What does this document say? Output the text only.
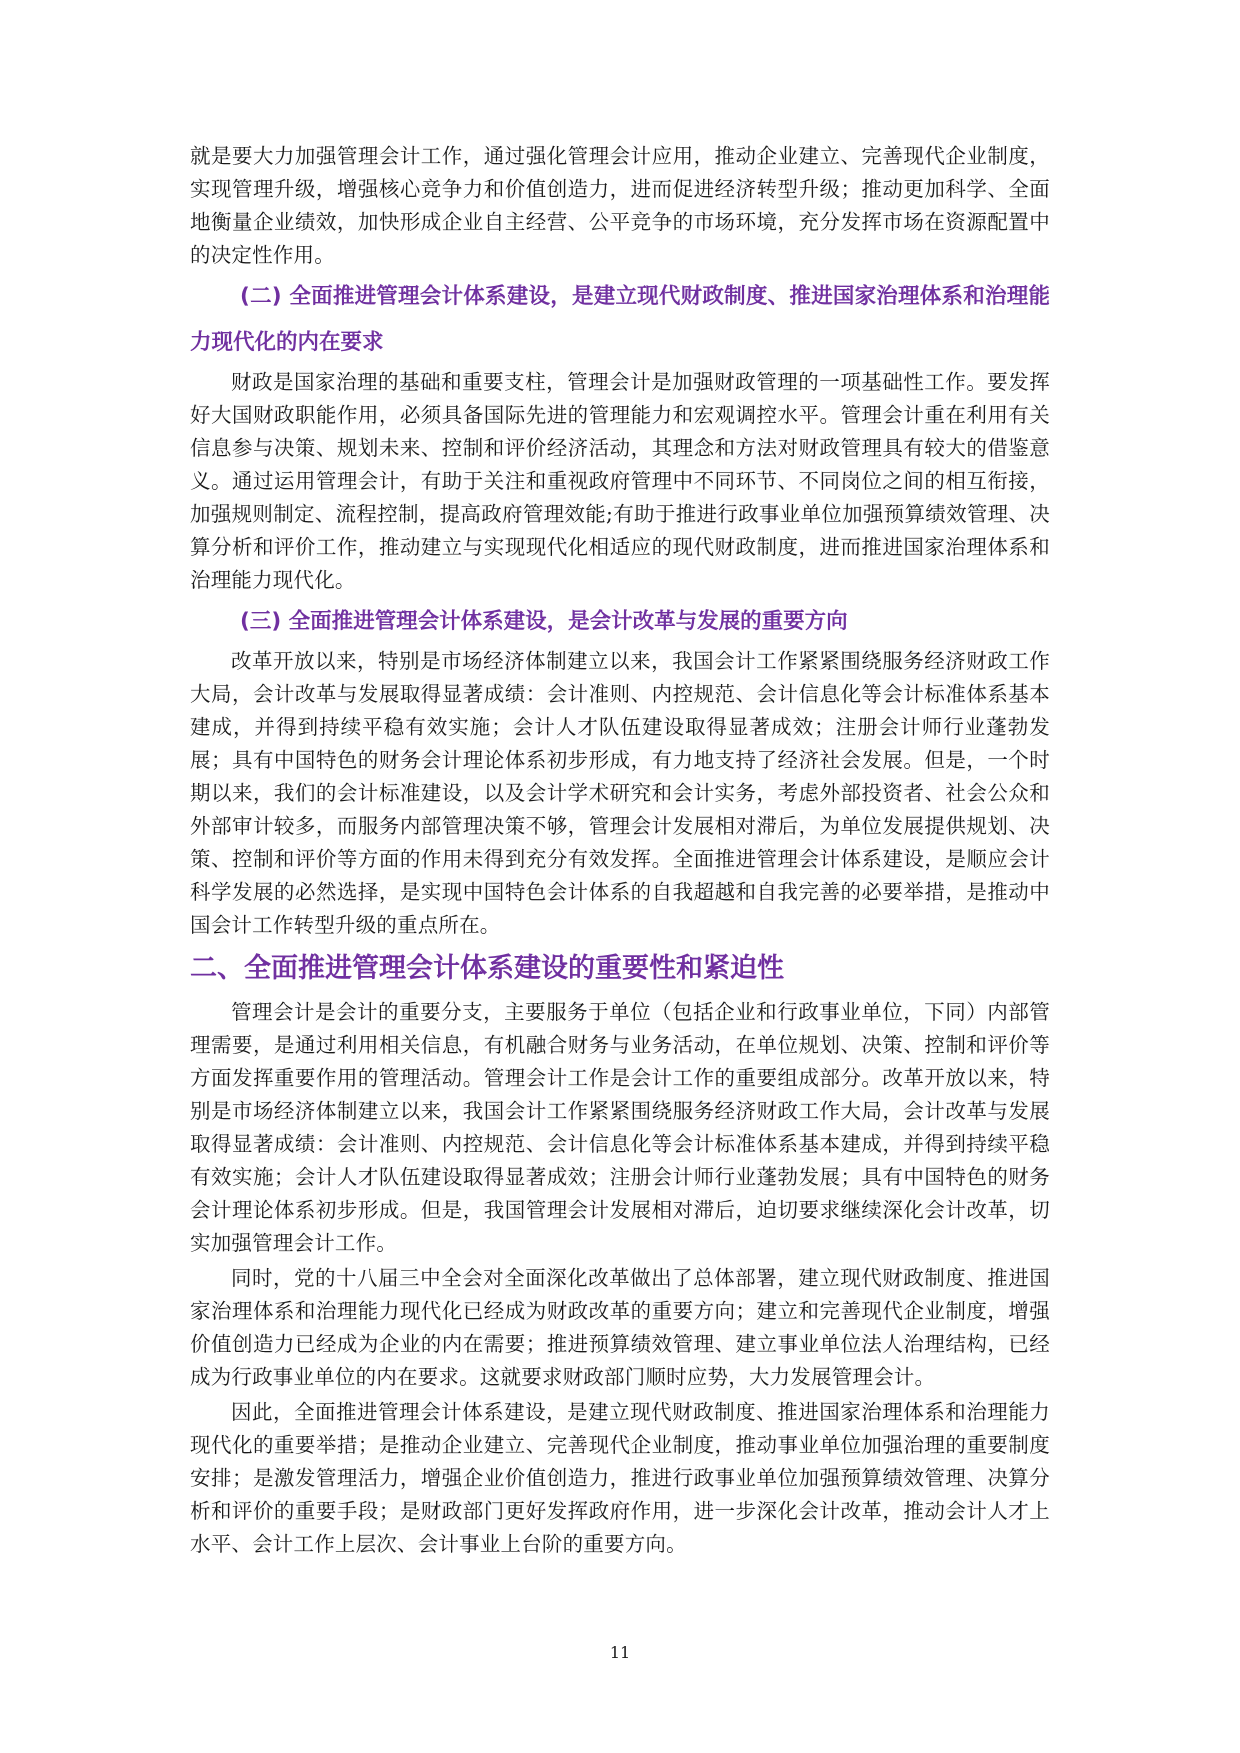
就是要大力加强管理会计工作，通过强化管理会计应用，推动企业建立、完善现代企业制度，实现管理升级，增强核心竞争力和价值创造力，进而促进经济转型升级；推动更加科学、全面地衡量企业绩效，加快形成企业自主经营、公平竞争的市场环境，充分发挥市场在资源配置中的决定性作用。

(二) 全面推进管理会计体系建设，是建立现代财政制度、推进国家治理体系和治理能力现代化的内在要求

财政是国家治理的基础和重要支柱，管理会计是加强财政管理的一项基础性工作。要发挥好大国财政职能作用，必须具备国际先进的管理能力和宏观调控水平。管理会计重在利用有关信息参与决策、规划未来、控制和评价经济活动，其理念和方法对财政管理具有较大的借鉴意义。通过运用管理会计，有助于关注和重视政府管理中不同环节、不同岗位之间的相互衔接，加强规则制定、流程控制，提高政府管理效能;有助于推进行政事业单位加强预算绩效管理、决算分析和评价工作，推动建立与实现现代化相适应的现代财政制度，进而推进国家治理体系和治理能力现代化。

(三) 全面推进管理会计体系建设，是会计改革与发展的重要方向

改革开放以来，特别是市场经济体制建立以来，我国会计工作紧紧围绕服务经济财政工作大局，会计改革与发展取得显著成绩：会计准则、内控规范、会计信息化等会计标准体系基本建成，并得到持续平稳有效实施；会计人才队伍建设取得显著成效；注册会计师行业蓬勃发展；具有中国特色的财务会计理论体系初步形成，有力地支持了经济社会发展。但是，一个时期以来，我们的会计标准建设，以及会计学术研究和会计实务，考虑外部投资者、社会公众和外部审计较多，而服务内部管理决策不够，管理会计发展相对滞后，为单位发展提供规划、决策、控制和评价等方面的作用未得到充分有效发挥。全面推进管理会计体系建设，是顺应会计科学发展的必然选择，是实现中国特色会计体系的自我超越和自我完善的必要举措，是推动中国会计工作转型升级的重点所在。

二、全面推进管理会计体系建设的重要性和紧迫性

管理会计是会计的重要分支，主要服务于单位（包括企业和行政事业单位，下同）内部管理需要，是通过利用相关信息，有机融合财务与业务活动，在单位规划、决策、控制和评价等方面发挥重要作用的管理活动。管理会计工作是会计工作的重要组成部分。改革开放以来，特别是市场经济体制建立以来，我国会计工作紧紧围绕服务经济财政工作大局，会计改革与发展取得显著成绩：会计准则、内控规范、会计信息化等会计标准体系基本建成，并得到持续平稳有效实施；会计人才队伍建设取得显著成效；注册会计师行业蓬勃发展；具有中国特色的财务会计理论体系初步形成。但是，我国管理会计发展相对滞后，迫切要求继续深化会计改革，切实加强管理会计工作。

同时，党的十八届三中全会对全面深化改革做出了总体部署，建立现代财政制度、推进国家治理体系和治理能力现代化已经成为财政改革的重要方向；建立和完善现代企业制度，增强价值创造力已经成为企业的内在需要；推进预算绩效管理、建立事业单位法人治理结构，已经成为行政事业单位的内在要求。这就要求财政部门顺时应势，大力发展管理会计。

因此，全面推进管理会计体系建设，是建立现代财政制度、推进国家治理体系和治理能力现代化的重要举措；是推动企业建立、完善现代企业制度，推动事业单位加强治理的重要制度安排；是激发管理活力，增强企业价值创造力，推进行政事业单位加强预算绩效管理、决算分析和评价的重要手段；是财政部门更好发挥政府作用，进一步深化会计改革，推动会计人才上水平、会计工作上层次、会计事业上台阶的重要方向。

11
